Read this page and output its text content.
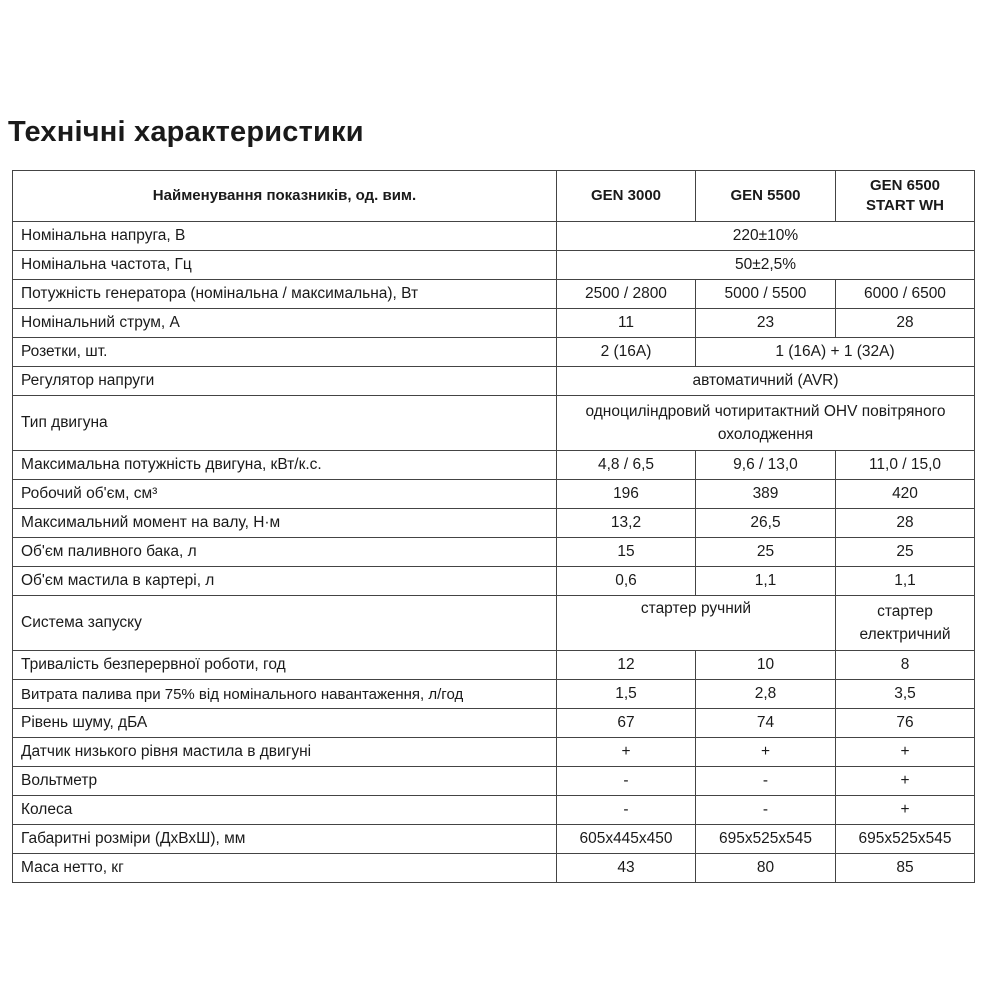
Технічні характеристики
Найменування показників, од. вим.	GEN 3000	GEN 5500	GEN 6500 START WH
Номінальна напруга, В	220±10%		
Номінальна частота, Гц	50±2,5%		
Потужність генератора (номінальна / максимальна), Вт	2500 / 2800	5000 / 5500	6000 / 6500
Номінальний струм, А	11	23	28
Розетки, шт.	2 (16А)	1 (16А) + 1 (32А)	
Регулятор напруги	автоматичний (AVR)		
Тип двигуна	одноциліндровий чотиритактний OHV повітряного охолодження		
Максимальна потужність двигуна, кВт/к.с.	4,8 / 6,5	9,6 / 13,0	11,0 / 15,0
Робочий об'єм, см³	196	389	420
Максимальний момент на валу, Н·м	13,2	26,5	28
Об'єм паливного бака, л	15	25	25
Об'єм мастила в картері, л	0,6	1,1	1,1
Система запуску	стартер ручний		стартер електричний
Тривалість безперервної роботи, год	12	10	8
Витрата палива при 75% від номінального навантаження, л/год	1,5	2,8	3,5
Рівень шуму, дБА	67	74	76
Датчик низького рівня мастила в двигуні	+	+	+
Вольтметр	-	-	+
Колеса	-	-	+
Габаритні розміри (ДхВхШ), мм	605x445x450	695x525x545	695x525x545
Маса нетто, кг	43	80	85
